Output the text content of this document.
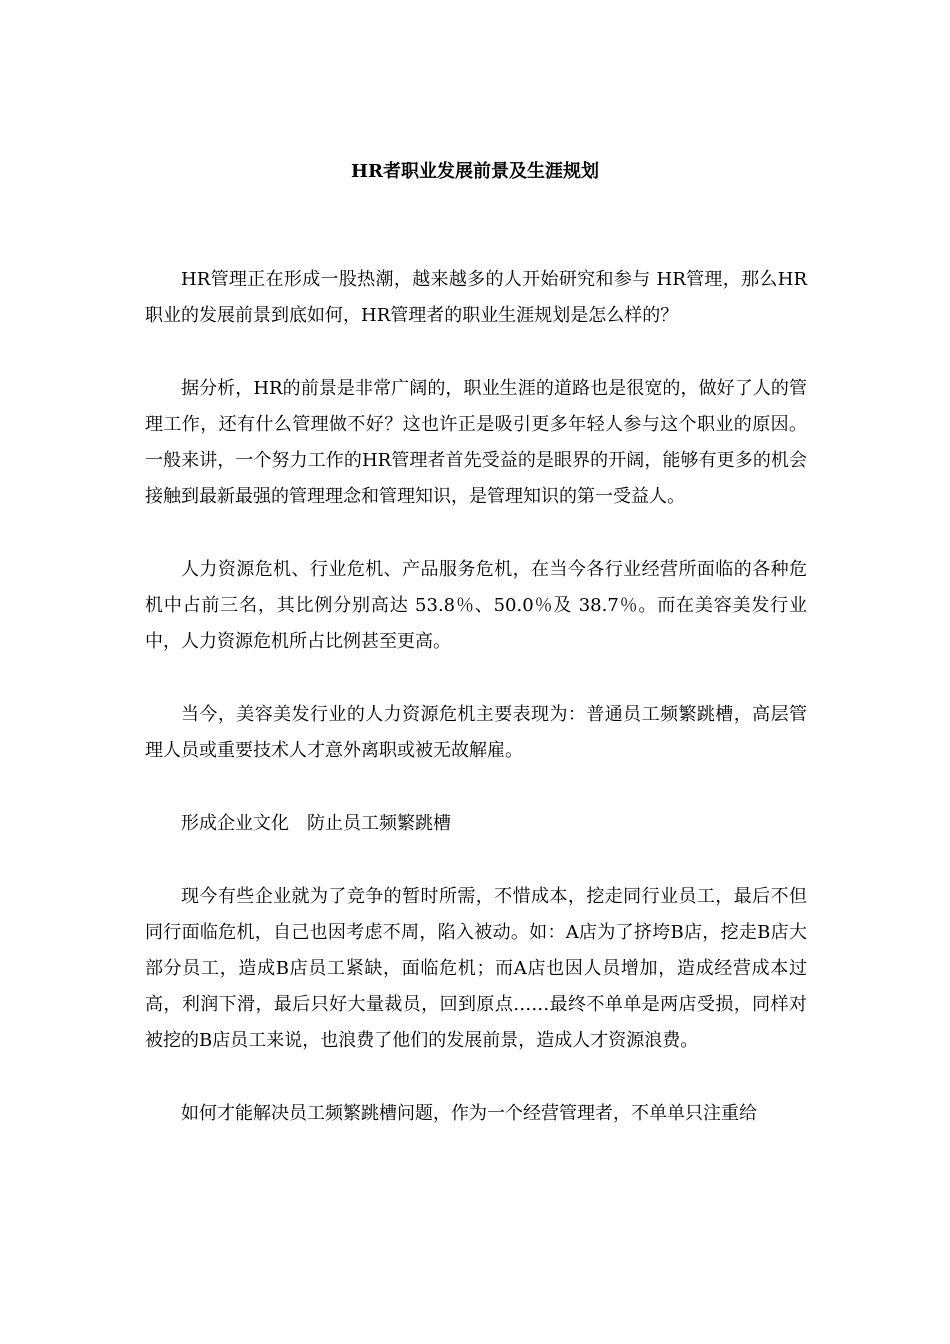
HR者职业发展前景及生涯规划

HR管理正在形成一股热潮，越来越多的人开始研究和参与 HR管理，那么HR职业的发展前景到底如何，HR管理者的职业生涯规划是怎么样的？

据分析，HR的前景是非常广阔的，职业生涯的道路也是很宽的，做好了人的管理工作，还有什么管理做不好？这也许正是吸引更多年轻人参与这个职业的原因。一般来讲，一个努力工作的HR管理者首先受益的是眼界的开阔，能够有更多的机会接触到最新最强的管理理念和管理知识，是管理知识的第一受益人。

人力资源危机、行业危机、产品服务危机，在当今各行业经营所面临的各种危机中占前三名，其比例分别高达 53.8％、50.0％及 38.7％。而在美容美发行业中，人力资源危机所占比例甚至更高。

当今，美容美发行业的人力资源危机主要表现为：普通员工频繁跳槽，高层管理人员或重要技术人才意外离职或被无故解雇。

形成企业文化　防止员工频繁跳槽

现今有些企业就为了竞争的暂时所需，不惜成本，挖走同行业员工，最后不但同行面临危机，自己也因考虑不周，陷入被动。如：A店为了挤垮B店，挖走B店大部分员工，造成B店员工紧缺，面临危机；而A店也因人员增加，造成经营成本过高，利润下滑，最后只好大量裁员，回到原点……最终不单单是两店受损，同样对被挖的B店员工来说，也浪费了他们的发展前景，造成人才资源浪费。

如何才能解决员工频繁跳槽问题，作为一个经营管理者，不单单只注重给
